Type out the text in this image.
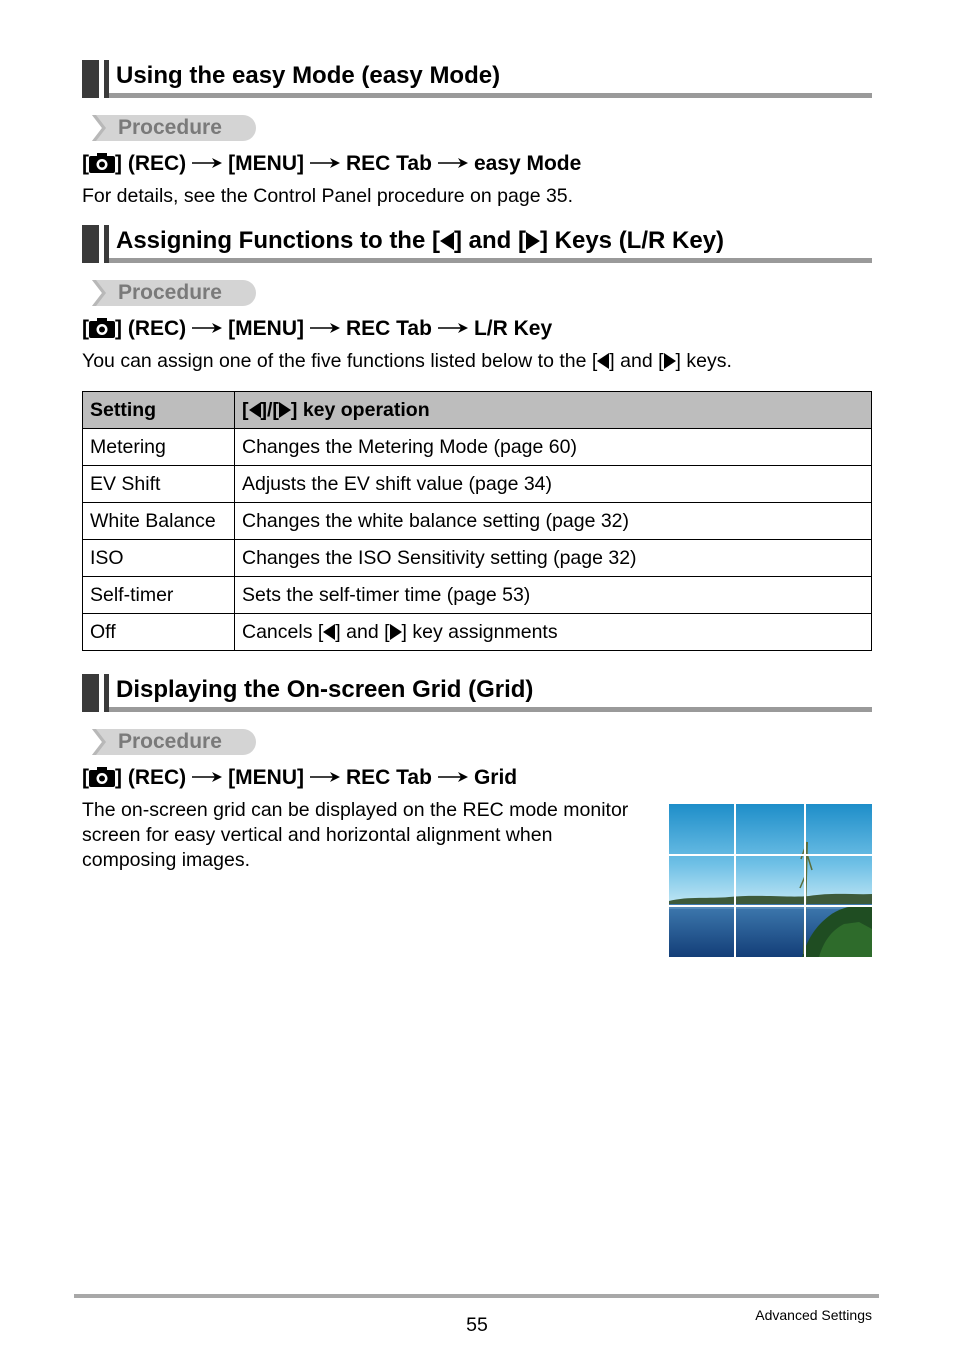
Using the easy Mode (easy Mode)
Procedure
[ ] (REC) [MENU] REC Tab easy Mode
For details, see the Control Panel procedure on page 35.
Assigning Functions to the [ ] and [ ] Keys (L/R Key)
Procedure
[ ] (REC) [MENU] REC Tab L/R Key
You can assign one of the five functions listed below to the [ ] and [ ] keys.
Setting	[ ]/[ ] key operation
Metering	Changes the Metering Mode (page 60)
EV Shift	Adjusts the EV shift value (page 34)
White Balance	Changes the white balance setting (page 32)
ISO	Changes the ISO Sensitivity setting (page 32)
Self-timer	Sets the self-timer time (page 53)
Off	Cancels [ ] and [ ] key assignments
Displaying the On-screen Grid (Grid)
Procedure
[ ] (REC) [MENU] REC Tab Grid
The on-screen grid can be displayed on the REC mode monitor screen for easy vertical and horizontal alignment when composing images.
55	Advanced Settings
